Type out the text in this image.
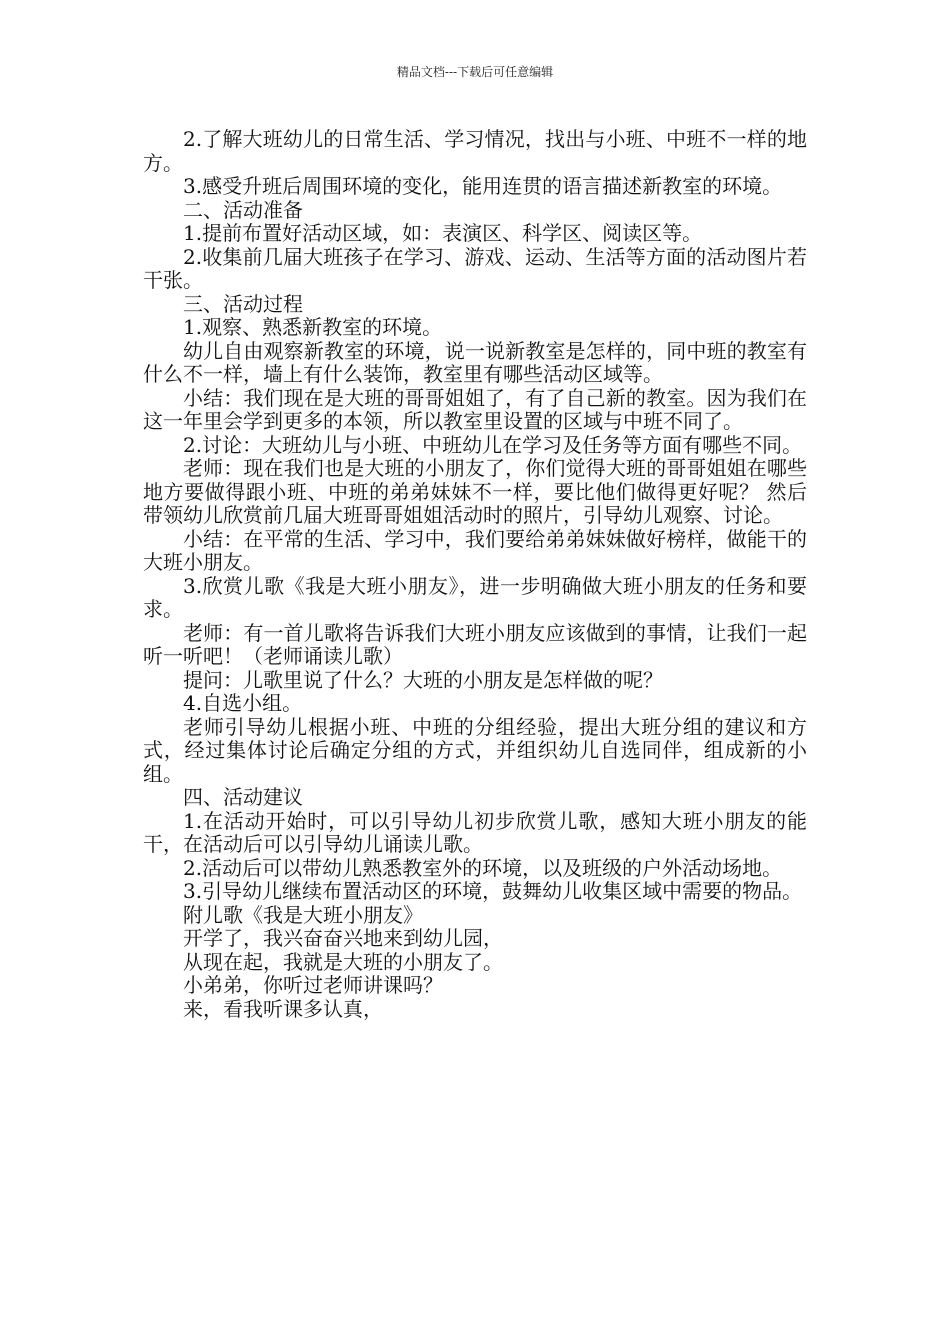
精品文档---下载后可任意编辑

2.了解大班幼儿的日常生活、学习情况，找出与小班、中班不一样的地方。

3.感受升班后周围环境的变化，能用连贯的语言描述新教室的环境。

二、活动准备

1.提前布置好活动区域，如：表演区、科学区、阅读区等。

2.收集前几届大班孩子在学习、游戏、运动、生活等方面的活动图片若干张。

三、活动过程

1.观察、熟悉新教室的环境。

幼儿自由观察新教室的环境，说一说新教室是怎样的，同中班的教室有什么不一样，墙上有什么装饰，教室里有哪些活动区域等。

小结：我们现在是大班的哥哥姐姐了，有了自己新的教室。因为我们在这一年里会学到更多的本领，所以教室里设置的区域与中班不同了。

2.讨论：大班幼儿与小班、中班幼儿在学习及任务等方面有哪些不同。

老师：现在我们也是大班的小朋友了，你们觉得大班的哥哥姐姐在哪些地方要做得跟小班、中班的弟弟妹妹不一样，要比他们做得更好呢？ 然后带领幼儿欣赏前几届大班哥哥姐姐活动时的照片，引导幼儿观察、讨论。

小结：在平常的生活、学习中，我们要给弟弟妹妹做好榜样，做能干的大班小朋友。

3.欣赏儿歌《我是大班小朋友》，进一步明确做大班小朋友的任务和要求。

老师：有一首儿歌将告诉我们大班小朋友应该做到的事情，让我们一起听一听吧！（老师诵读儿歌）

提问：儿歌里说了什么？大班的小朋友是怎样做的呢？

4.自选小组。

老师引导幼儿根据小班、中班的分组经验，提出大班分组的建议和方式，经过集体讨论后确定分组的方式，并组织幼儿自选同伴，组成新的小组。

四、活动建议

1.在活动开始时，可以引导幼儿初步欣赏儿歌，感知大班小朋友的能干，在活动后可以引导幼儿诵读儿歌。

2.活动后可以带幼儿熟悉教室外的环境，以及班级的户外活动场地。

3.引导幼儿继续布置活动区的环境，鼓舞幼儿收集区域中需要的物品。

附儿歌《我是大班小朋友》

开学了，我兴奋奋兴地来到幼儿园，

从现在起，我就是大班的小朋友了。

小弟弟，你听过老师讲课吗？

来，看我听课多认真，
